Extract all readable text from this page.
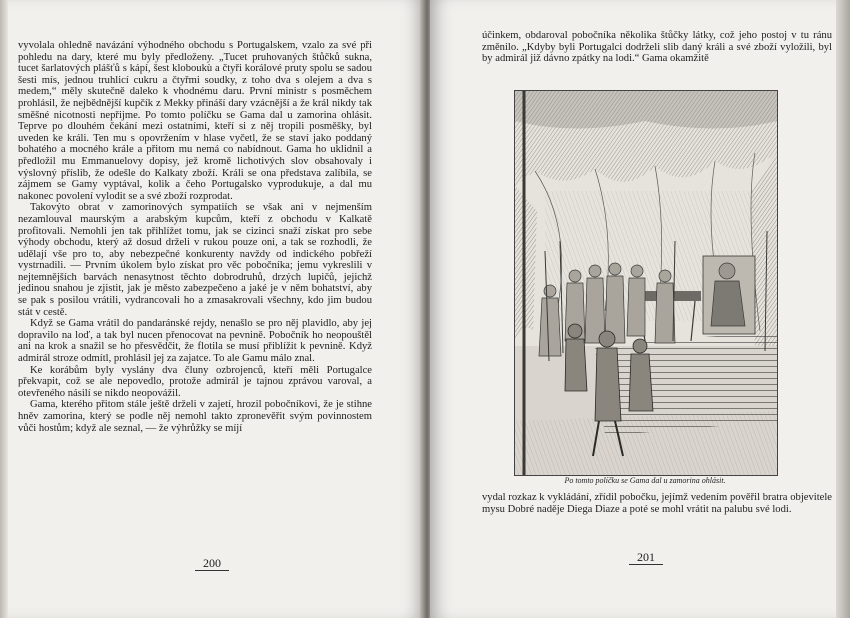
vyvolala ohledně navázání výhodného obchodu s Portugalskem, vzalo za své při pohledu na dary, které mu byly předloženy. „Tucet pruhovaných štůčků sukna, tucet šarlatových plášťů s kápí, šest kloboukù a čtyři korálové pruty spolu se sadou šesti mís, jednou truhlicí cukru a čtyřmi soudky, z toho dva s olejem a dva s medem,“ měly skutečně daleko k vhodnému daru. První ministr s posměchem prohlásil, že nejbědnější kupčík z Mekky přináší dary vzácnější a že král nikdy tak směšné nicotnosti nepřijme. Po tomto políčku se Gama dal u zamorina ohlásit. Teprve po dlouhém čekání mezi ostatními, kteří si z něj tropili posměšky, byl uveden ke králi. Ten mu s opovržením v hlase vyčetl, že se staví jako poddaný bohatého a mocného krále a přitom mu nemá co nabídnout. Gama ho uklidnil a předložil mu Emmanuelovy dopisy, jež kromě lichotivých slov obsahovaly i výslovný příslib, že odešle do Kalkaty zboží. Králi se ona představa zalíbila, se zájmem se Gamy vyptával, kolik a čeho Portugalsko vyprodukuje, a dal mu nakonec povolení vylodit se a své zboží rozprodat.

Takovýto obrat v zamorinových sympatiích se však ani v nejmenším nezamlouval maurským a arabským kupcům, kteří z obchodu v Kalkatě profitovali. Nemohli jen tak přihlížet tomu, jak se cizinci snaží získat pro sebe výhody obchodu, který až dosud drželi v rukou pouze oni, a tak se rozhodli, že udělají vše pro to, aby nebezpečné konkurenty navždy od indického pobřeží vystrnadili. — Prvním úkolem bylo získat pro věc pobočníka; jemu vykreslili v nejtemnějších barvách nenasytnost těchto dobrodruhů, drzých lupičů, jejichž jedinou snahou je zjistit, jak je město zabezpečeno a jaké je v něm bohatství, aby se pak s posilou vrátili, vydrancovali ho a zmasakrovali všechny, kdo jim budou stát v cestě.

Když se Gama vrátil do pandaránské rejdy, nenašlo se pro něj plavidlo, aby jej dopravilo na loď, a tak byl nucen přenocovat na pevnině. Pobočník ho neopouštěl ani na krok a snažil se ho přesvědčit, že flotila se musí přiblížit k pevnině. Když admirál stroze odmítl, prohlásil jej za zajatce. To ale Gamu málo znal.

Ke korábům byly vyslány dva čluny ozbrojenců, kteří měli Portugalce překvapit, což se ale nepovedlo, protože admirál je tajnou zprávou varoval, a otevřeného násilí se nikdo neopovážil.

Gama, kterého přitom stále ještě drželi v zajetí, hrozil pobočníkovi, že je stihne hněv zamorina, který se podle něj nemohl takto zpronevěřit svým povinnostem vůči hostům; když ale seznal, — že výhrůžky se míjí

200

účinkem, obdaroval pobočníka několika štůčky látky, což jeho postoj v tu ránu změnilo. „Kdyby byli Portugalci dodrželi slib daný králi a své zboží vyložili, byl by admirál již dávno zpátky na lodi.“ Gama okamžitě

vydal rozkaz k vykládání, zřídil pobočku, jejímž vedením pověřil bratra objevitele mysu Dobré naděje Diega Diaze a poté se mohl vrátit na palubu své lodi.

201
Po tomto políčku se Gama dal u zamorina ohlásit.
